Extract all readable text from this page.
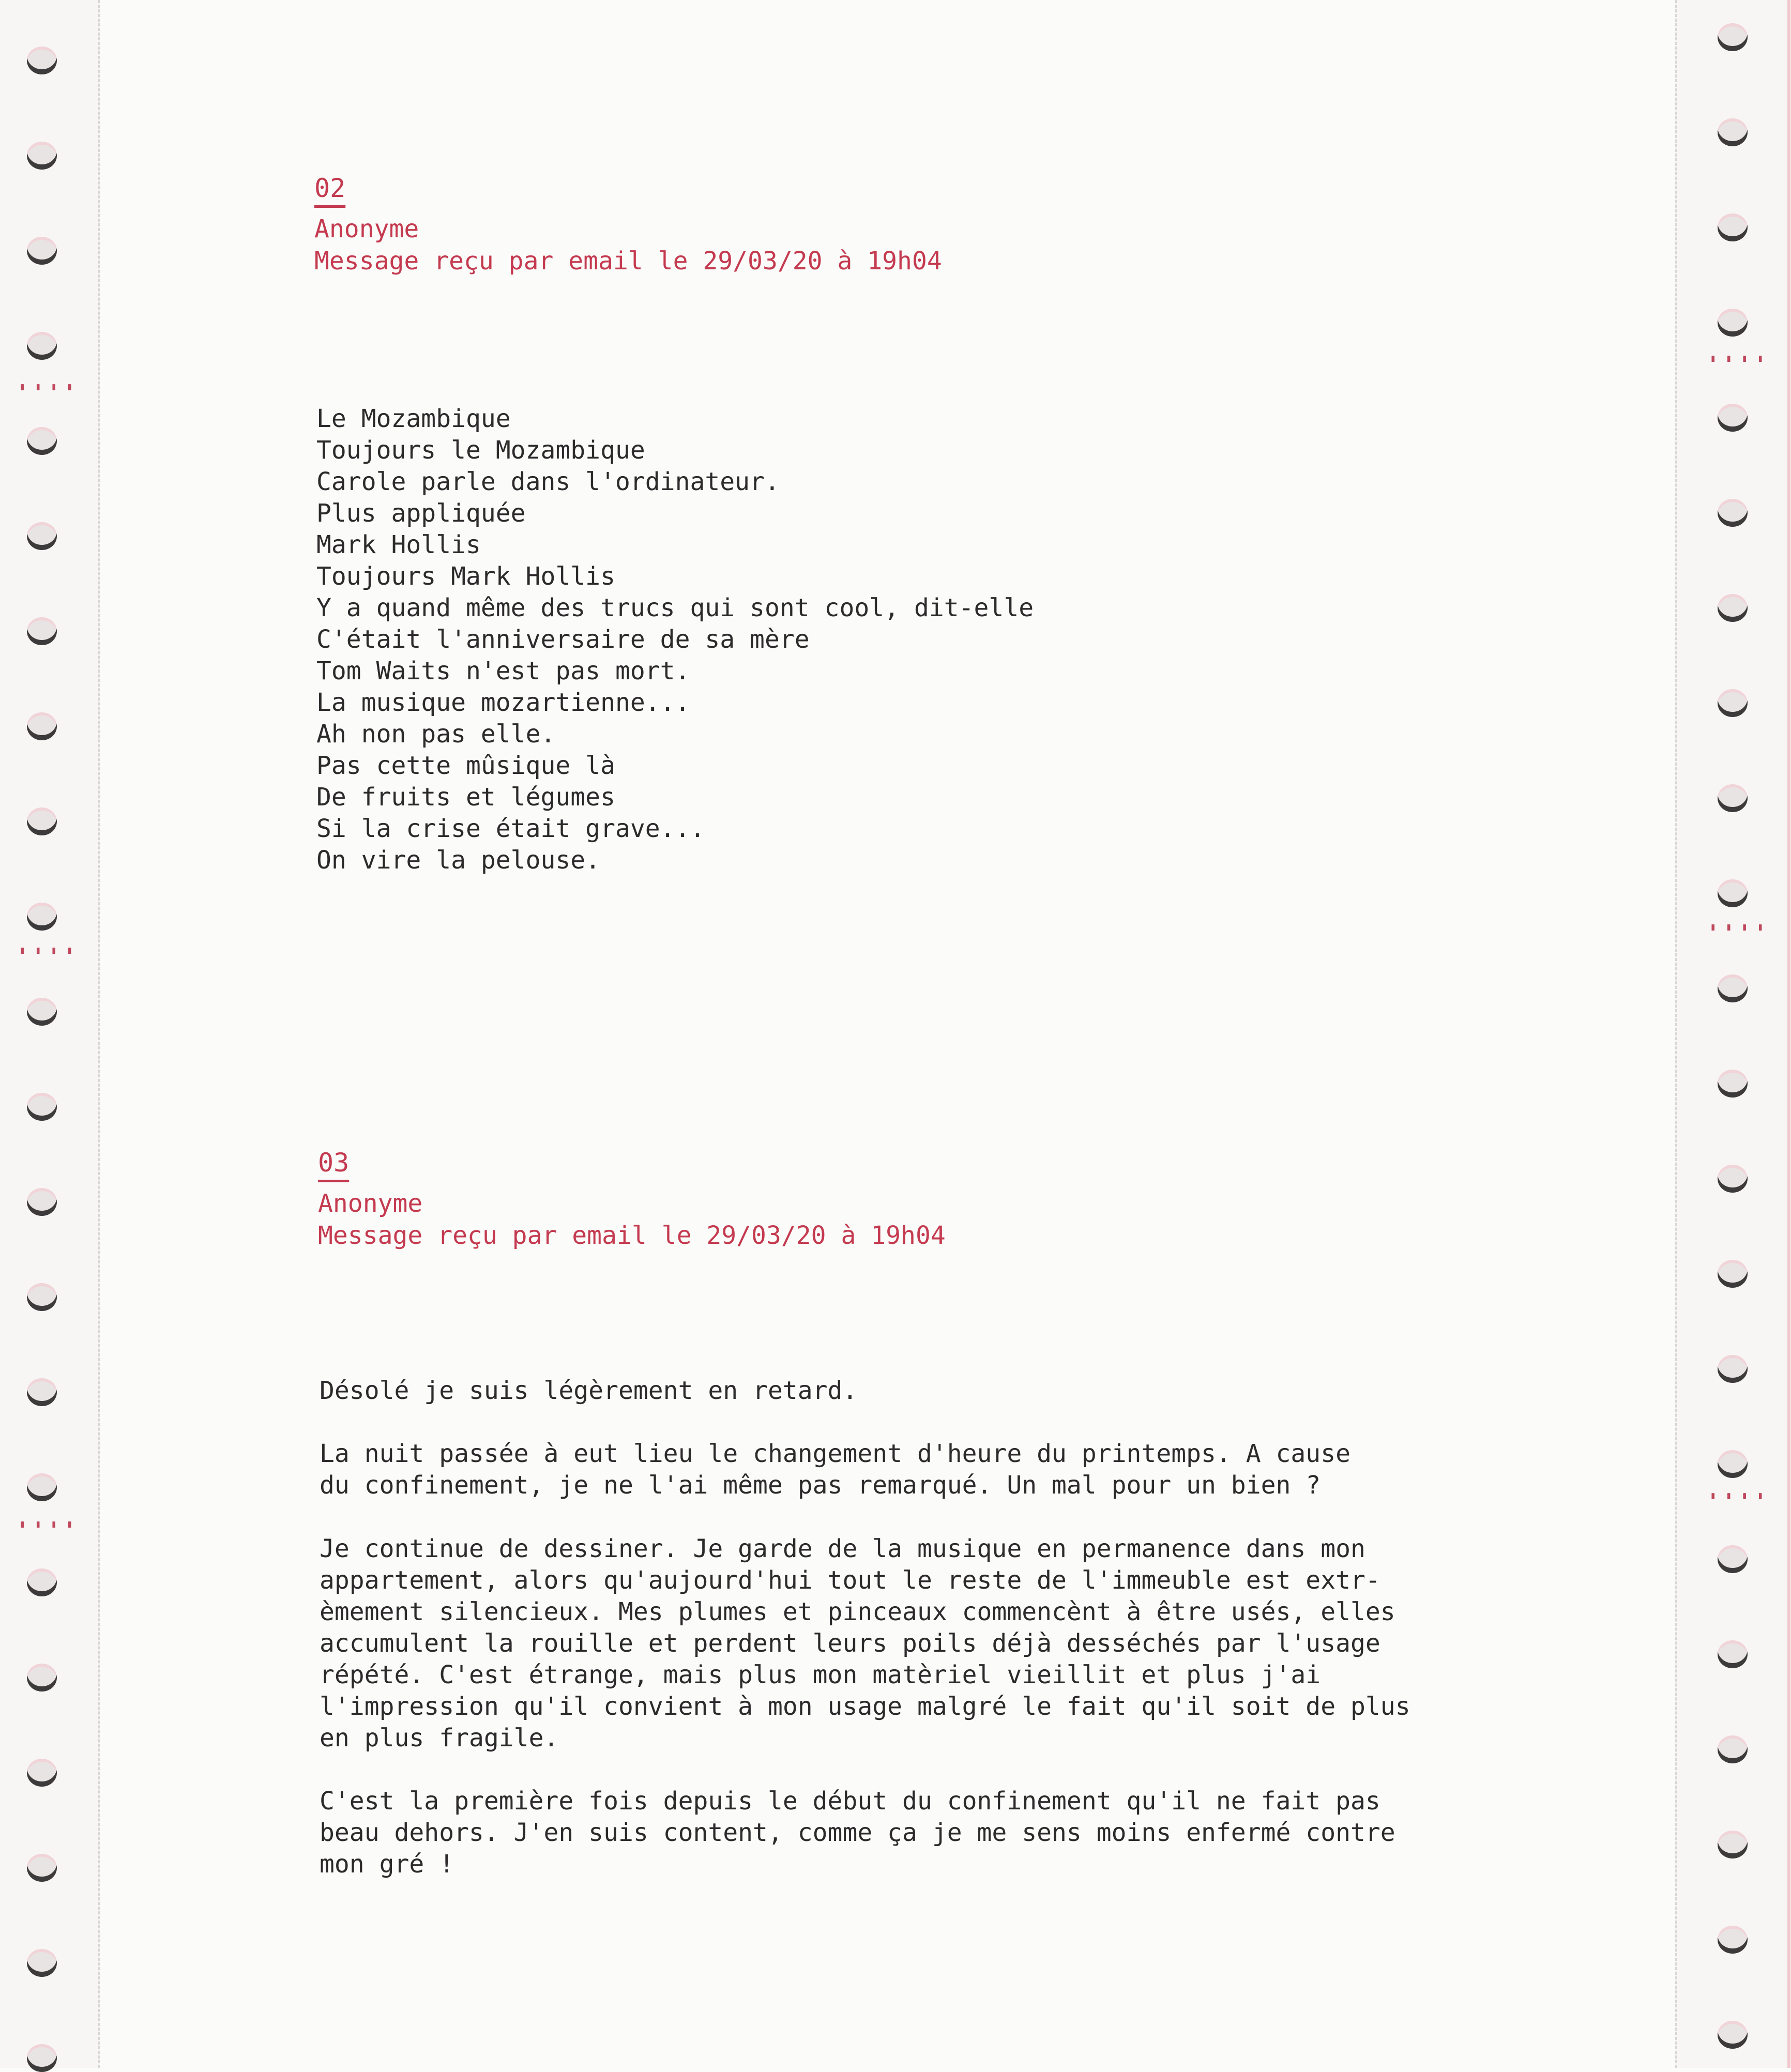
''''
''''
''''
''''
''''
''''
02
Anonyme
Message reçu par email le 29/03/20 à 19h04
Le Mozambique
Toujours le Mozambique
Carole parle dans l'ordinateur.
Plus appliquée
Mark Hollis
Toujours Mark Hollis
Y a quand même des trucs qui sont cool, dit-elle
C'était l'anniversaire de sa mère
Tom Waits n'est pas mort.
La musique mozartienne...
Ah non pas elle.
Pas cette mûsique là
De fruits et légumes
Si la crise était grave...
On vire la pelouse.
03
Anonyme
Message reçu par email le 29/03/20 à 19h04
Désolé je suis légèrement en retard.
La nuit passée à eut lieu le changement d'heure du printemps. A cause
du confinement, je ne l'ai même pas remarqué. Un mal pour un bien ?
Je continue de dessiner. Je garde de la musique en permanence dans mon
appartement, alors qu'aujourd'hui tout le reste de l'immeuble est extr-
èmement silencieux. Mes plumes et pinceaux commencènt à être usés, elles
accumulent la rouille et perdent leurs poils déjà desséchés par l'usage
répété. C'est étrange, mais plus mon matèriel vieillit et plus j'ai
l'impression qu'il convient à mon usage malgré le fait qu'il soit de plus
en plus fragile.
C'est la première fois depuis le début du confinement qu'il ne fait pas
beau dehors. J'en suis content, comme ça je me sens moins enfermé contre
mon gré !
